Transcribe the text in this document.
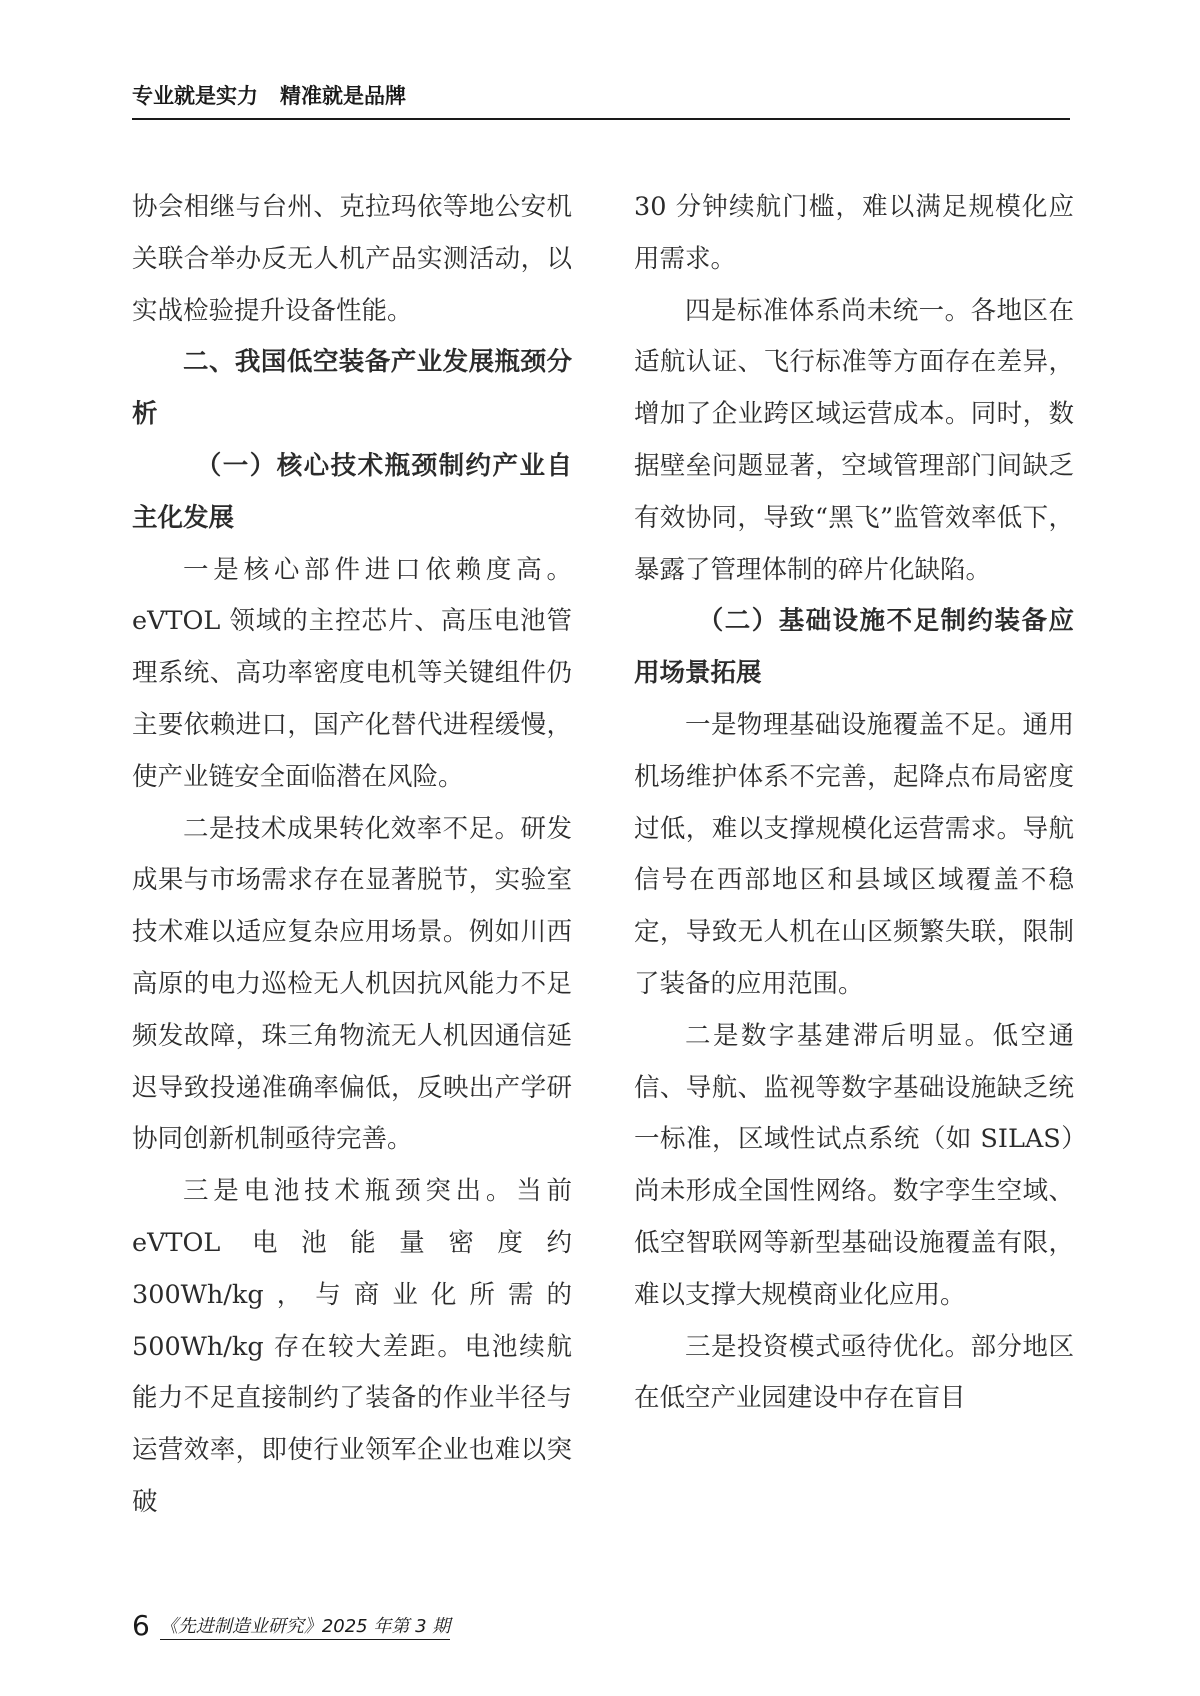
专业就是实力 精准就是品牌

协会相继与台州、克拉玛依等地公安机关联合举办反无人机产品实测活动，以实战检验提升设备性能。

二、我国低空装备产业发展瓶颈分析

（一）核心技术瓶颈制约产业自主化发展

一是核心部件进口依赖度高。eVTOL 领域的主控芯片、高压电池管理系统、高功率密度电机等关键组件仍主要依赖进口，国产化替代进程缓慢，使产业链安全面临潜在风险。

二是技术成果转化效率不足。研发成果与市场需求存在显著脱节，实验室技术难以适应复杂应用场景。例如川西高原的电力巡检无人机因抗风能力不足频发故障，珠三角物流无人机因通信延迟导致投递准确率偏低，反映出产学研协同创新机制亟待完善。

三是电池技术瓶颈突出。当前 eVTOL 电池能量密度约 300Wh/kg，与商业化所需的 500Wh/kg 存在较大差距。电池续航能力不足直接制约了装备的作业半径与运营效率，即使行业领军企业也难以突破

30 分钟续航门槛，难以满足规模化应用需求。

四是标准体系尚未统一。各地区在适航认证、飞行标准等方面存在差异，增加了企业跨区域运营成本。同时，数据壁垒问题显著，空域管理部门间缺乏有效协同，导致“黑飞”监管效率低下，暴露了管理体制的碎片化缺陷。

（二）基础设施不足制约装备应用场景拓展

一是物理基础设施覆盖不足。通用机场维护体系不完善，起降点布局密度过低，难以支撑规模化运营需求。导航信号在西部地区和县域区域覆盖不稳定，导致无人机在山区频繁失联，限制了装备的应用范围。

二是数字基建滞后明显。低空通信、导航、监视等数字基础设施缺乏统一标准，区域性试点系统（如 SILAS）尚未形成全国性网络。数字孪生空域、低空智联网等新型基础设施覆盖有限，难以支撑大规模商业化应用。

三是投资模式亟待优化。部分地区在低空产业园建设中存在盲目

6 《先进制造业研究》2025 年第 3 期
